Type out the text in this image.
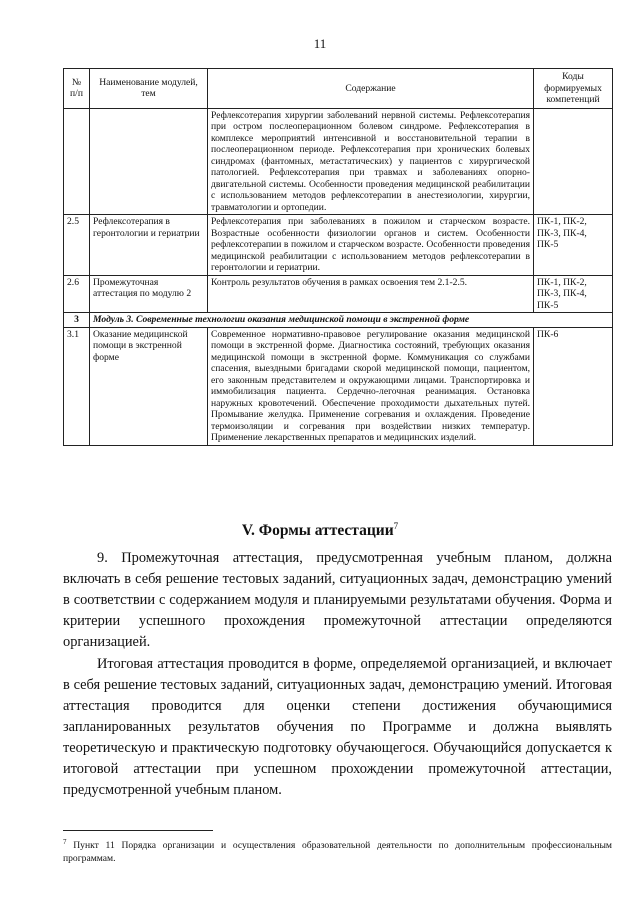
11
№ п/п	Наименование модулей, тем	Содержание	Коды формируемых компетенций
		Рефлексотерапия хирургии заболеваний нервной системы. Рефлексотерапия при остром послеоперационном болевом синдроме. Рефлексотерапия в комплексе мероприятий интенсивной и восстановительной терапии в послеоперационном периоде. Рефлексотерапия при хронических болевых синдромах (фантомных, метастатических) у пациентов с хирургической патологией. Рефлексотерапия при травмах и заболеваниях опорно-двигательной системы. Особенности проведения медицинской реабилитации с использованием методов рефлексотерапии в анестезиологии, хирургии, травматологии и ортопедии.	
2.5	Рефлексотерапия в геронтологии и гериатрии	Рефлексотерапия при заболеваниях в пожилом и старческом возрасте. Возрастные особенности физиологии органов и систем. Особенности рефлексотерапии в пожилом и старческом возрасте. Особенности проведения медицинской реабилитации с использованием методов рефлексотерапии в геронтологии и гериатрии.	ПК-1, ПК-2, ПК-3, ПК-4, ПК-5
2.6	Промежуточная аттестация по модулю 2	Контроль результатов обучения в рамках освоения тем 2.1-2.5.	ПК-1, ПК-2, ПК-3, ПК-4, ПК-5
3	Модуль 3. Современные технологии оказания медицинской помощи в экстренной форме		
3.1	Оказание медицинской помощи в экстренной форме	Современное нормативно-правовое регулирование оказания медицинской помощи в экстренной форме. Диагностика состояний, требующих оказания медицинской помощи в экстренной форме. Коммуникация со службами спасения, выездными бригадами скорой медицинской помощи, пациентом, его законным представителем и окружающими лицами. Транспортировка и иммобилизация пациента. Сердечно-легочная реанимация. Остановка наружных кровотечений. Обеспечение проходимости дыхательных путей. Промывание желудка. Применение согревания и охлаждения. Проведение термоизоляции и согревания при воздействии низких температур. Применение лекарственных препаратов и медицинских изделий.	ПК-6
V. Формы аттестации$^7$

9. Промежуточная аттестация, предусмотренная учебным планом, должна включать в себя решение тестовых заданий, ситуационных задач, демонстрацию умений в соответствии с содержанием модуля и планируемыми результатами обучения. Форма и критерии успешного прохождения промежуточной аттестации определяются организацией.

Итоговая аттестация проводится в форме, определяемой организацией, и включает в себя решение тестовых заданий, ситуационных задач, демонстрацию умений. Итоговая аттестация проводится для оценки степени достижения обучающимися запланированных результатов обучения по Программе и должна выявлять теоретическую и практическую подготовку обучающегося. Обучающийся допускается к итоговой аттестации при успешном прохождении промежуточной аттестации, предусмотренной учебным планом.

$^7$ Пункт 11 Порядка организации и осуществления образовательной деятельности по дополнительным профессиональным программам.
